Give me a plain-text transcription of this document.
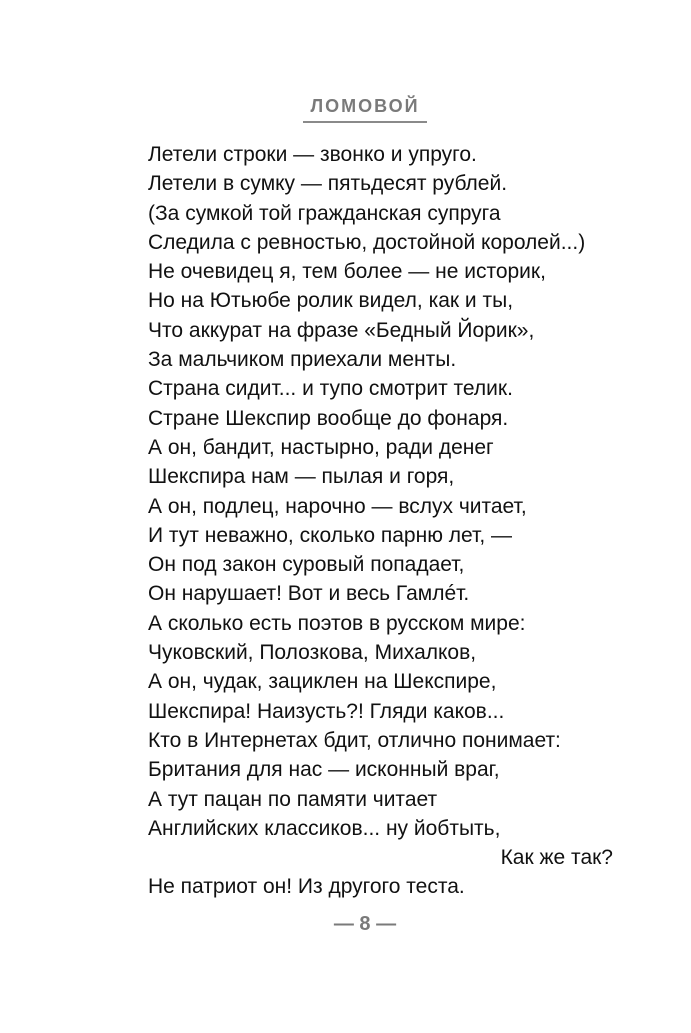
ЛОМОВОЙ
Летели строки — звонко и упруго.
Летели в сумку — пятьдесят рублей.
(За сумкой той гражданская супруга
Следила с ревностью, достойной королей...)
Не очевидец я, тем более — не историк,
Но на Ютьюбе ролик видел, как и ты,
Что аккурат на фразе «Бедный Йорик»,
За мальчиком приехали менты.
Страна сидит... и тупо смотрит телик.
Стране Шекспир вообще до фонаря.
А он, бандит, настырно, ради денег
Шекспира нам — пылая и горя,
А он, подлец, нарочно — вслух читает,
И тут неважно, сколько парню лет, —
Он под закон суровый попадает,
Он нарушает! Вот и весь Гамлéт.
А сколько есть поэтов в русском мире:
Чуковский, Полозкова, Михалков,
А он, чудак, зациклен на Шекспире,
Шекспира! Наизусть?! Гляди каков...
Кто в Интернетах бдит, отлично понимает:
Британия для нас — исконный враг,
А тут пацан по памяти читает
Английских классиков... ну йобтыть,
Как же так?
Не патриот он! Из другого теста.
— 8 —
